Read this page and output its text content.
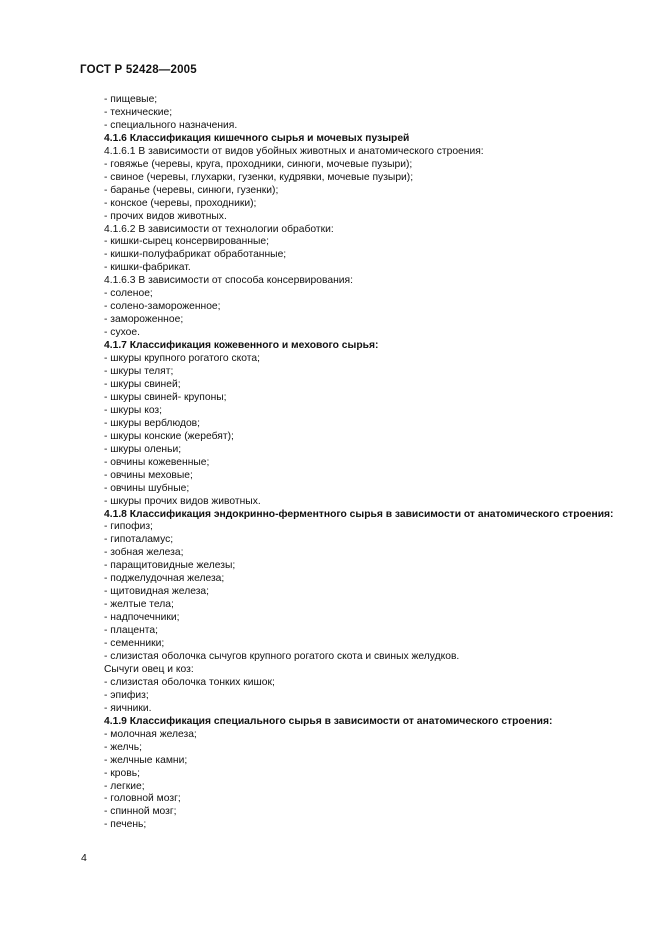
ГОСТ Р 52428—2005
- пищевые;
- технические;
- специального назначения.
4.1.6 Классификация кишечного сырья и мочевых пузырей
4.1.6.1 В зависимости от видов убойных животных и анатомического строения:
- говяжье (черевы, круга, проходники, синюги, мочевые пузыри);
- свиное (черевы, глухарки, гузенки, кудрявки, мочевые пузыри);
- баранье (черевы, синюги, гузенки);
- конское (черевы, проходники);
- прочих видов животных.
4.1.6.2 В зависимости от технологии обработки:
- кишки-сырец консервированные;
- кишки-полуфабрикат обработанные;
- кишки-фабрикат.
4.1.6.3 В зависимости от способа консервирования:
- соленое;
- солено-замороженное;
- замороженное;
- сухое.
4.1.7 Классификация кожевенного и мехового сырья:
- шкуры крупного рогатого скота;
- шкуры телят;
- шкуры свиней;
- шкуры свиней- крупоны;
- шкуры коз;
- шкуры верблюдов;
- шкуры конские (жеребят);
- шкуры оленьи;
- овчины кожевенные;
- овчины меховые;
- овчины шубные;
- шкуры прочих видов животных.
4.1.8 Классификация эндокринно-ферментного сырья в зависимости от анатомического строения:
- гипофиз;
- гипоталамус;
- зобная железа;
- паращитовидные железы;
- поджелудочная железа;
- щитовидная железа;
- желтые тела;
- надпочечники;
- плацента;
- семенники;
- слизистая оболочка сычугов крупного рогатого скота и свиных желудков.
Сычуги овец и коз:
- слизистая оболочка тонких кишок;
- эпифиз;
- яичники.
4.1.9 Классификация специального сырья в зависимости от анатомического строения:
- молочная железа;
- желчь;
- желчные камни;
- кровь;
- легкие;
- головной мозг;
- спинной мозг;
- печень;
4
